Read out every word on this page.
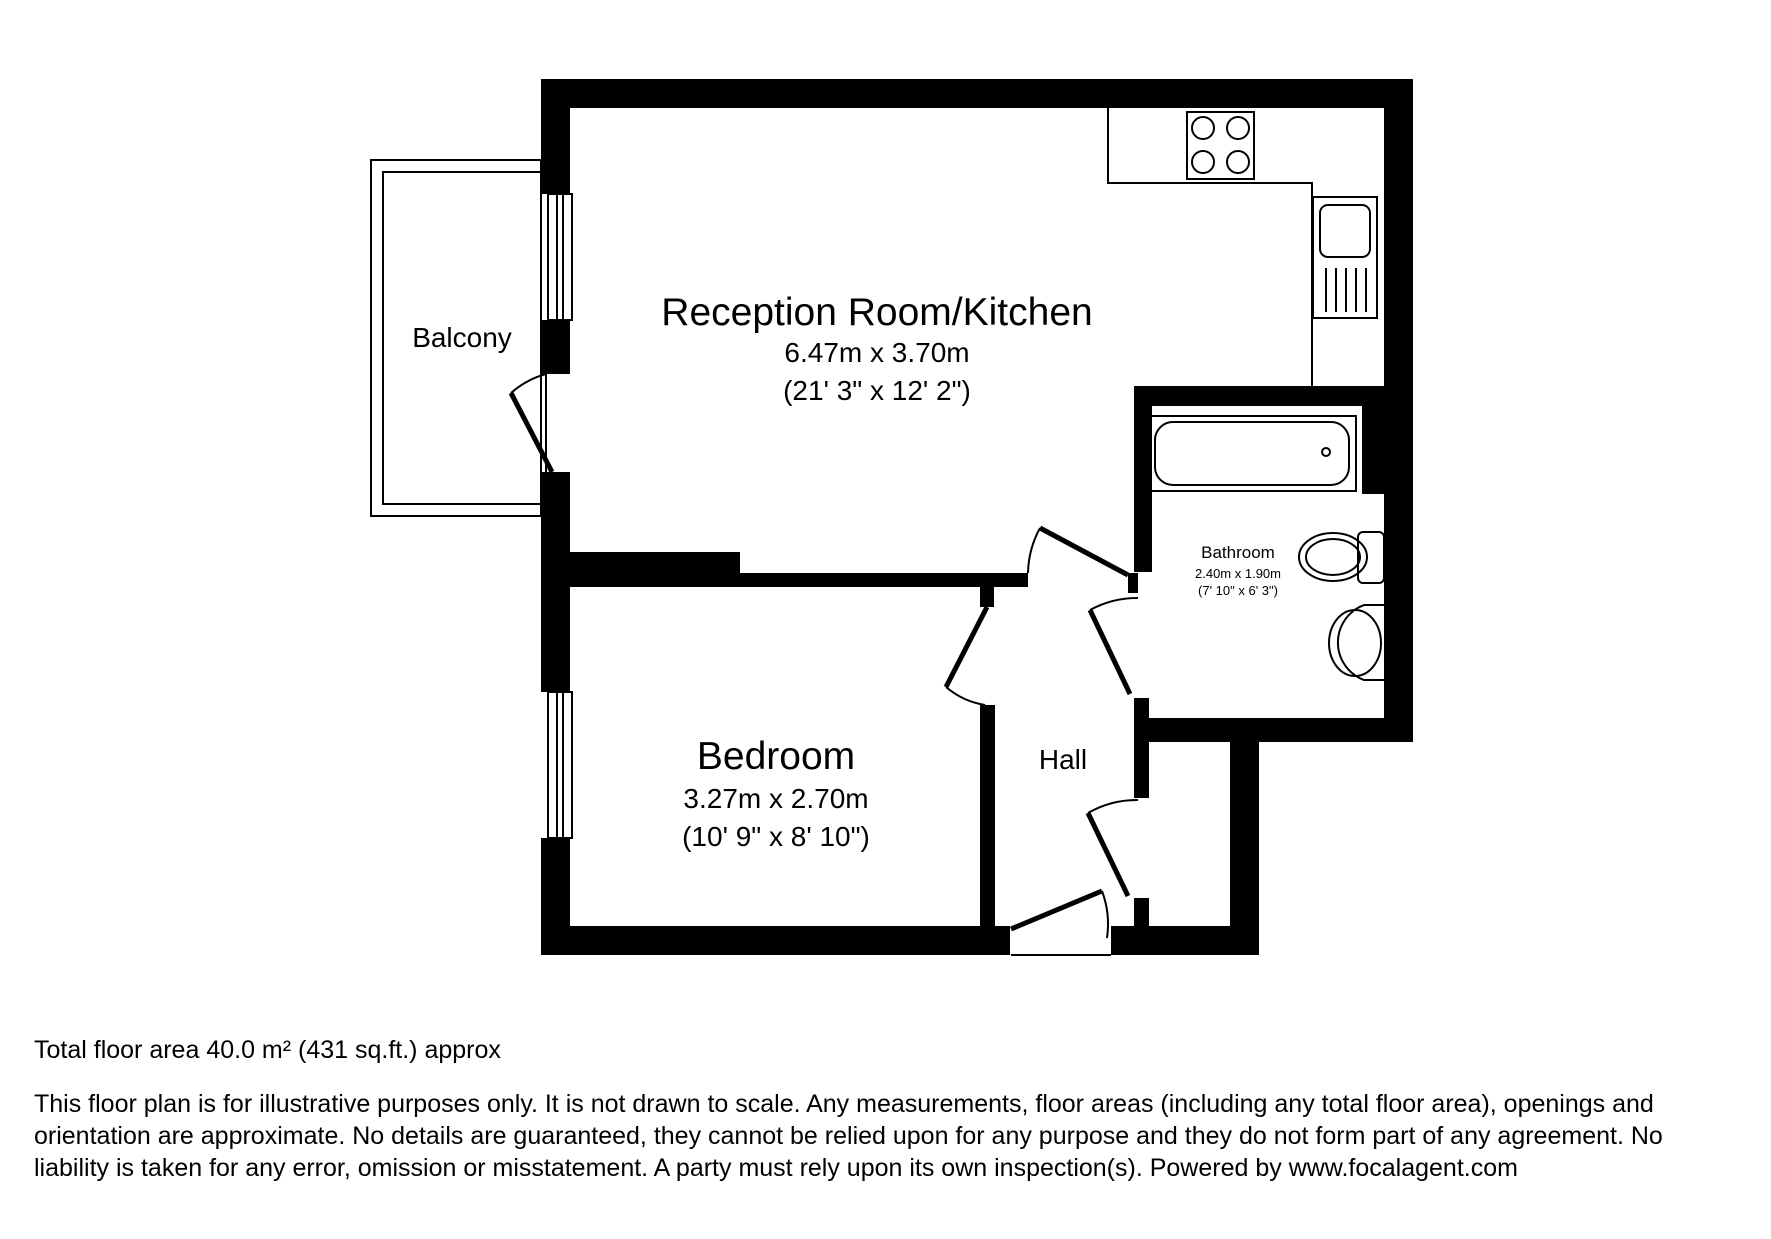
Reception Room/Kitchen
6.47m x 3.70m
(21' 3" x 12' 2")
Bedroom
3.27m x 2.70m
(10' 9" x 8' 10")
Bathroom
2.40m x 1.90m
(7' 10" x 6' 3")
Hall
Balcony
Total floor area 40.0 m² (431 sq.ft.) approx
This floor plan is for illustrative purposes only. It is not drawn to scale. Any measurements, floor areas (including any total floor area), openings and orientation are approximate. No details are guaranteed, they cannot be relied upon for any purpose and they do not form part of any agreement. No liability is taken for any error, omission or misstatement. A party must rely upon its own inspection(s). Powered by www.focalagent.com
